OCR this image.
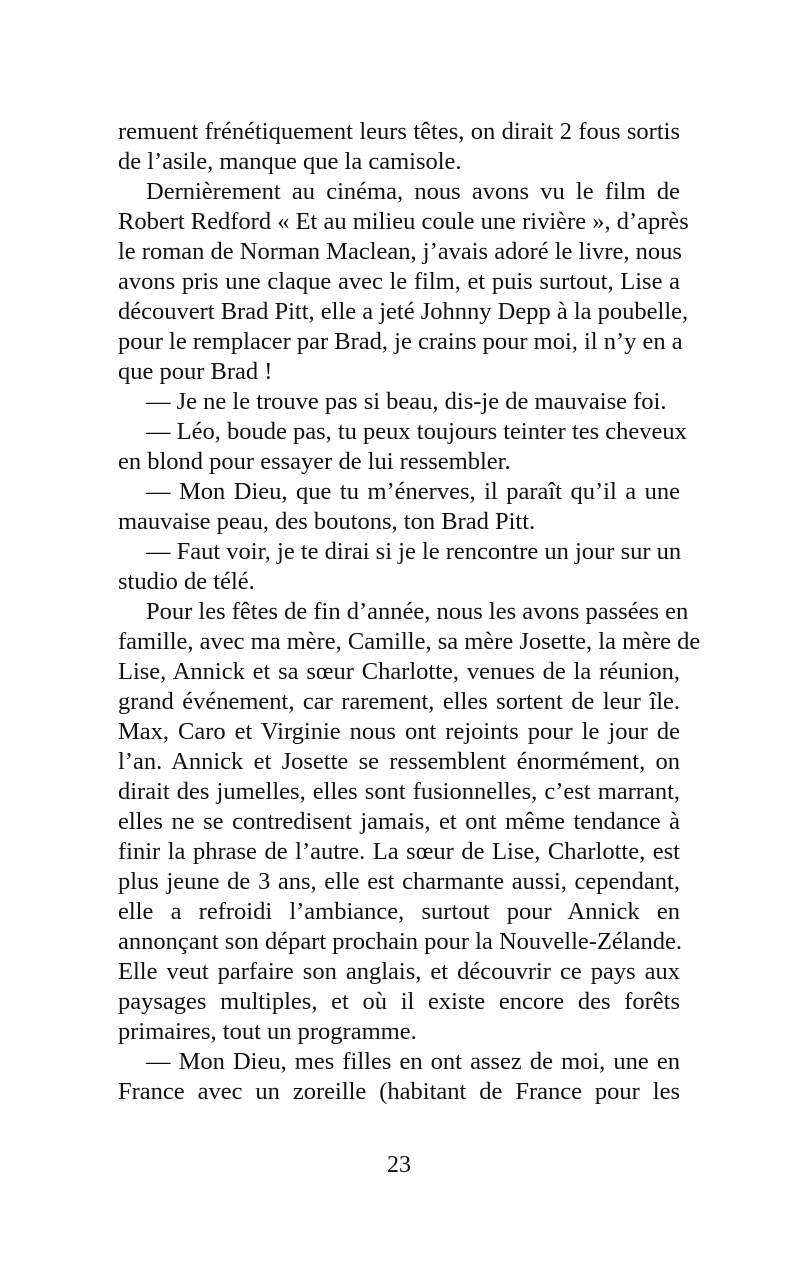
remuent frénétiquement leurs têtes, on dirait 2 fous sortis
de l’asile, manque que la camisole.
Dernièrement au cinéma, nous avons vu le film de
Robert Redford « Et au milieu coule une rivière », d’après
le roman de Norman Maclean, j’avais adoré le livre, nous
avons pris une claque avec le film, et puis surtout, Lise a
découvert Brad Pitt, elle a jeté Johnny Depp à la poubelle,
pour le remplacer par Brad, je crains pour moi, il n’y en a
que pour Brad !
— Je ne le trouve pas si beau, dis-je de mauvaise foi.
— Léo, boude pas, tu peux toujours teinter tes cheveux
en blond pour essayer de lui ressembler.
— Mon Dieu, que tu m’énerves, il paraît qu’il a une
mauvaise peau, des boutons, ton Brad Pitt.
— Faut voir, je te dirai si je le rencontre un jour sur un
studio de télé.
Pour les fêtes de fin d’année, nous les avons passées en
famille, avec ma mère, Camille, sa mère Josette, la mère de
Lise, Annick et sa sœur Charlotte, venues de la réunion,
grand événement, car rarement, elles sortent de leur île.
Max, Caro et Virginie nous ont rejoints pour le jour de
l’an. Annick et Josette se ressemblent énormément, on
dirait des jumelles, elles sont fusionnelles, c’est marrant,
elles ne se contredisent jamais, et ont même tendance à
finir la phrase de l’autre. La sœur de Lise, Charlotte, est
plus jeune de 3 ans, elle est charmante aussi, cependant,
elle a refroidi l’ambiance, surtout pour Annick en
annonçant son départ prochain pour la Nouvelle-Zélande.
Elle veut parfaire son anglais, et découvrir ce pays aux
paysages multiples, et où il existe encore des forêts
primaires, tout un programme.
— Mon Dieu, mes filles en ont assez de moi, une en
France avec un zoreille (habitant de France pour les
23
